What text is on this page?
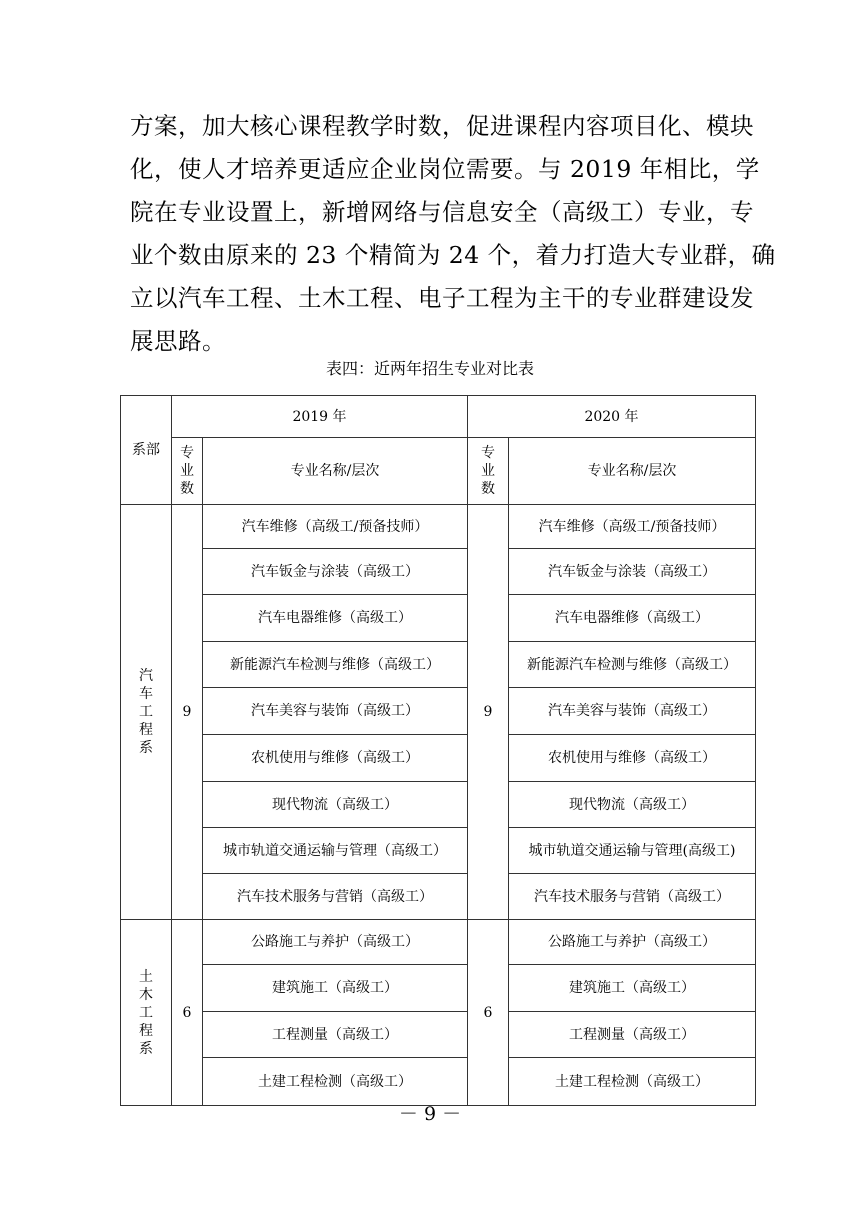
方案，加大核心课程教学时数，促进课程内容项目化、模块
化，使人才培养更适应企业岗位需要。与 2019 年相比，学
院在专业设置上，新增网络与信息安全（高级工）专业，专
业个数由原来的 23 个精简为 24 个，着力打造大专业群，确
立以汽车工程、土木工程、电子工程为主干的专业群建设发
展思路。
表四：近两年招生专业对比表
系部	2019 年		2020 年	
	专业数	专业名称/层次	专业数	专业名称/层次
汽车工程系	9	汽车维修（高级工/预备技师）	9	汽车维修（高级工/预备技师）
		汽车钣金与涂装（高级工）		汽车钣金与涂装（高级工）
		汽车电器维修（高级工）		汽车电器维修（高级工）
		新能源汽车检测与维修（高级工）		新能源汽车检测与维修（高级工）
		汽车美容与装饰（高级工）		汽车美容与装饰（高级工）
		农机使用与维修（高级工）		农机使用与维修（高级工）
		现代物流（高级工）		现代物流（高级工）
		城市轨道交通运输与管理（高级工）		城市轨道交通运输与管理(高级工)
		汽车技术服务与营销（高级工）		汽车技术服务与营销（高级工）
土木工程系	6	公路施工与养护（高级工）	6	公路施工与养护（高级工）
		建筑施工（高级工）		建筑施工（高级工）
		工程测量（高级工）		工程测量（高级工）
		土建工程检测（高级工）		土建工程检测（高级工）
－ 9 －
